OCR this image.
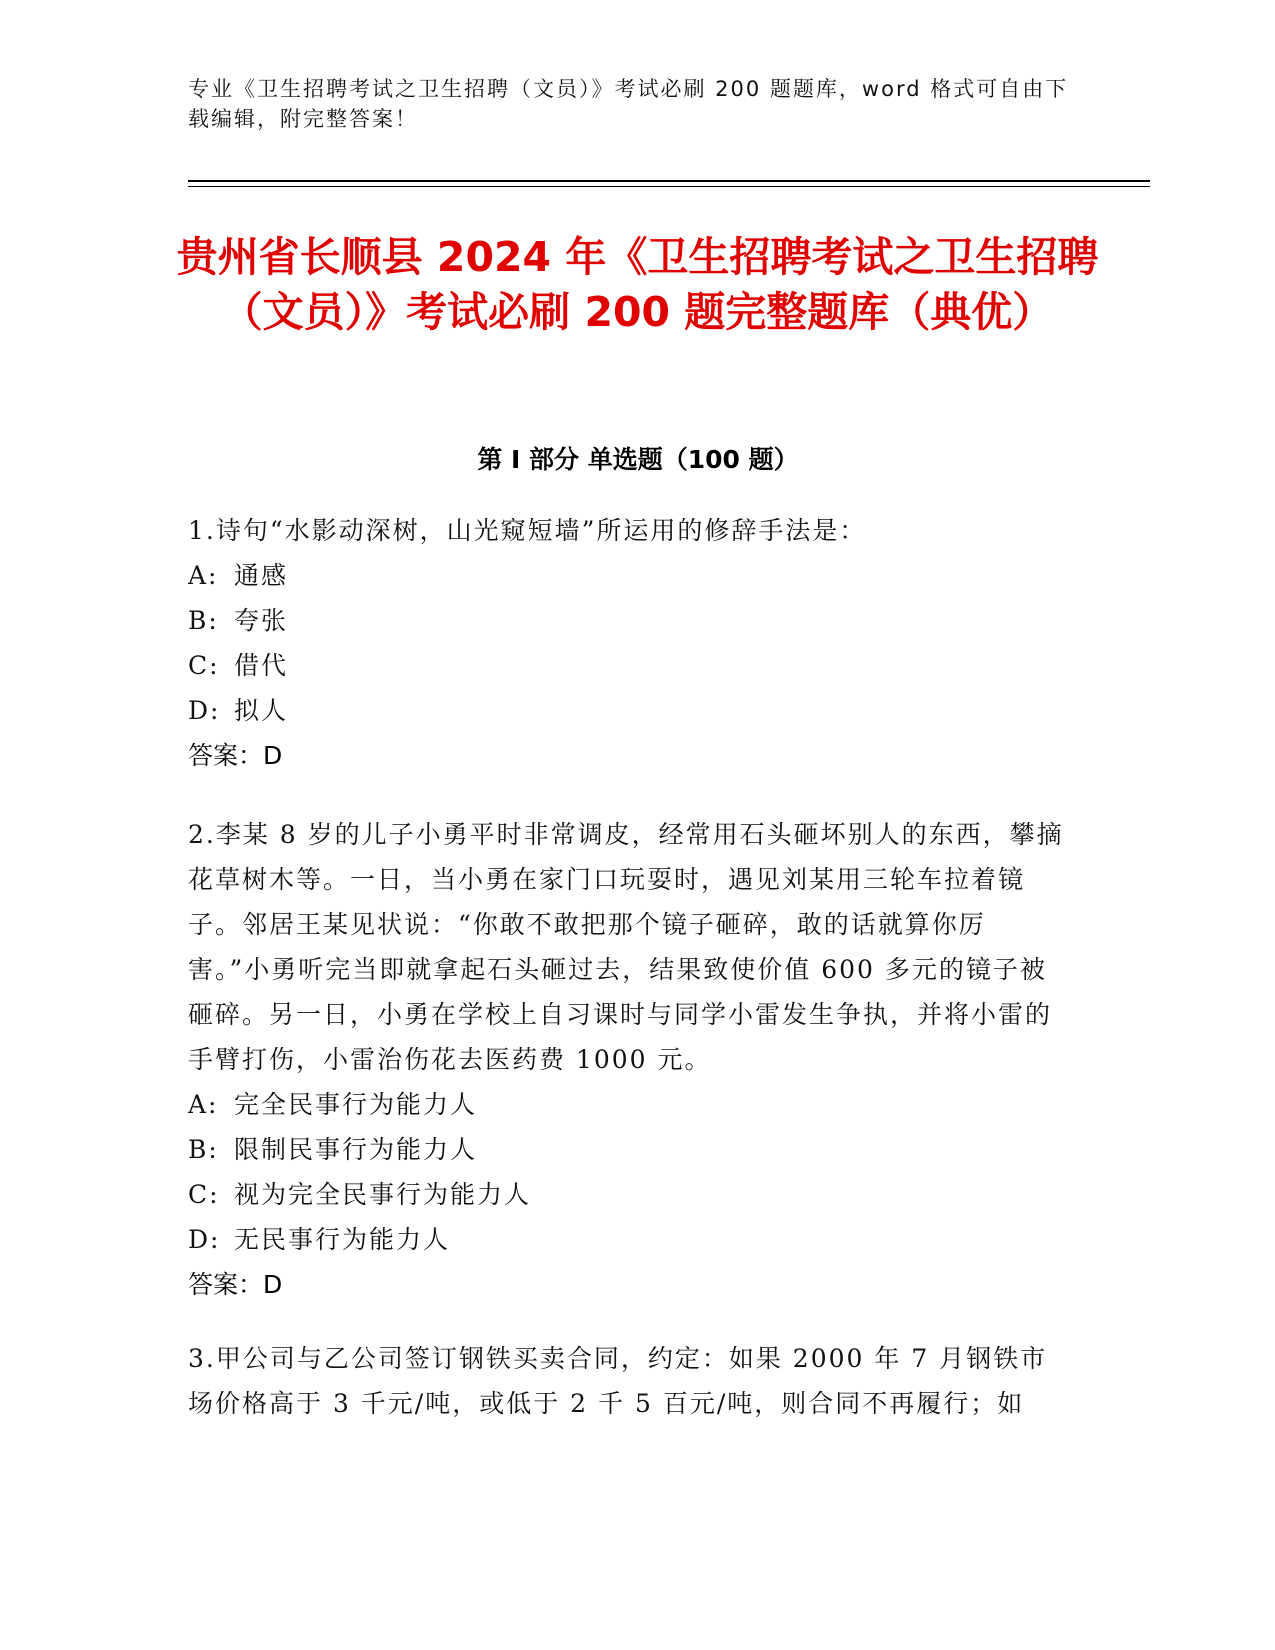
专业《卫生招聘考试之卫生招聘（文员）》考试必刷 200 题题库，word 格式可自由下载编辑，附完整答案！
贵州省长顺县 2024 年《卫生招聘考试之卫生招聘（文员）》考试必刷 200 题完整题库（典优）
第 I 部分 单选题（100 题）
1.诗句“水影动深树，山光窥短墙”所运用的修辞手法是：
A: 通感
B: 夸张
C: 借代
D: 拟人
答案：D
2.李某 8 岁的儿子小勇平时非常调皮，经常用石头砸坏别人的东西，攀摘花草树木等。一日，当小勇在家门口玩耍时，遇见刘某用三轮车拉着镜子。邻居王某见状说：“你敢不敢把那个镜子砸碎，敢的话就算你厉害。”小勇听完当即就拿起石头砸过去，结果致使价值 600 多元的镜子被砸碎。另一日，小勇在学校上自习课时与同学小雷发生争执，并将小雷的手臂打伤，小雷治伤花去医药费 1000 元。
A: 完全民事行为能力人
B: 限制民事行为能力人
C: 视为完全民事行为能力人
D: 无民事行为能力人
答案：D
3.甲公司与乙公司签订钢铁买卖合同，约定：如果 2000 年 7 月钢铁市场价格高于 3 千元/吨，或低于 2 千 5 百元/吨，则合同不再履行；如
